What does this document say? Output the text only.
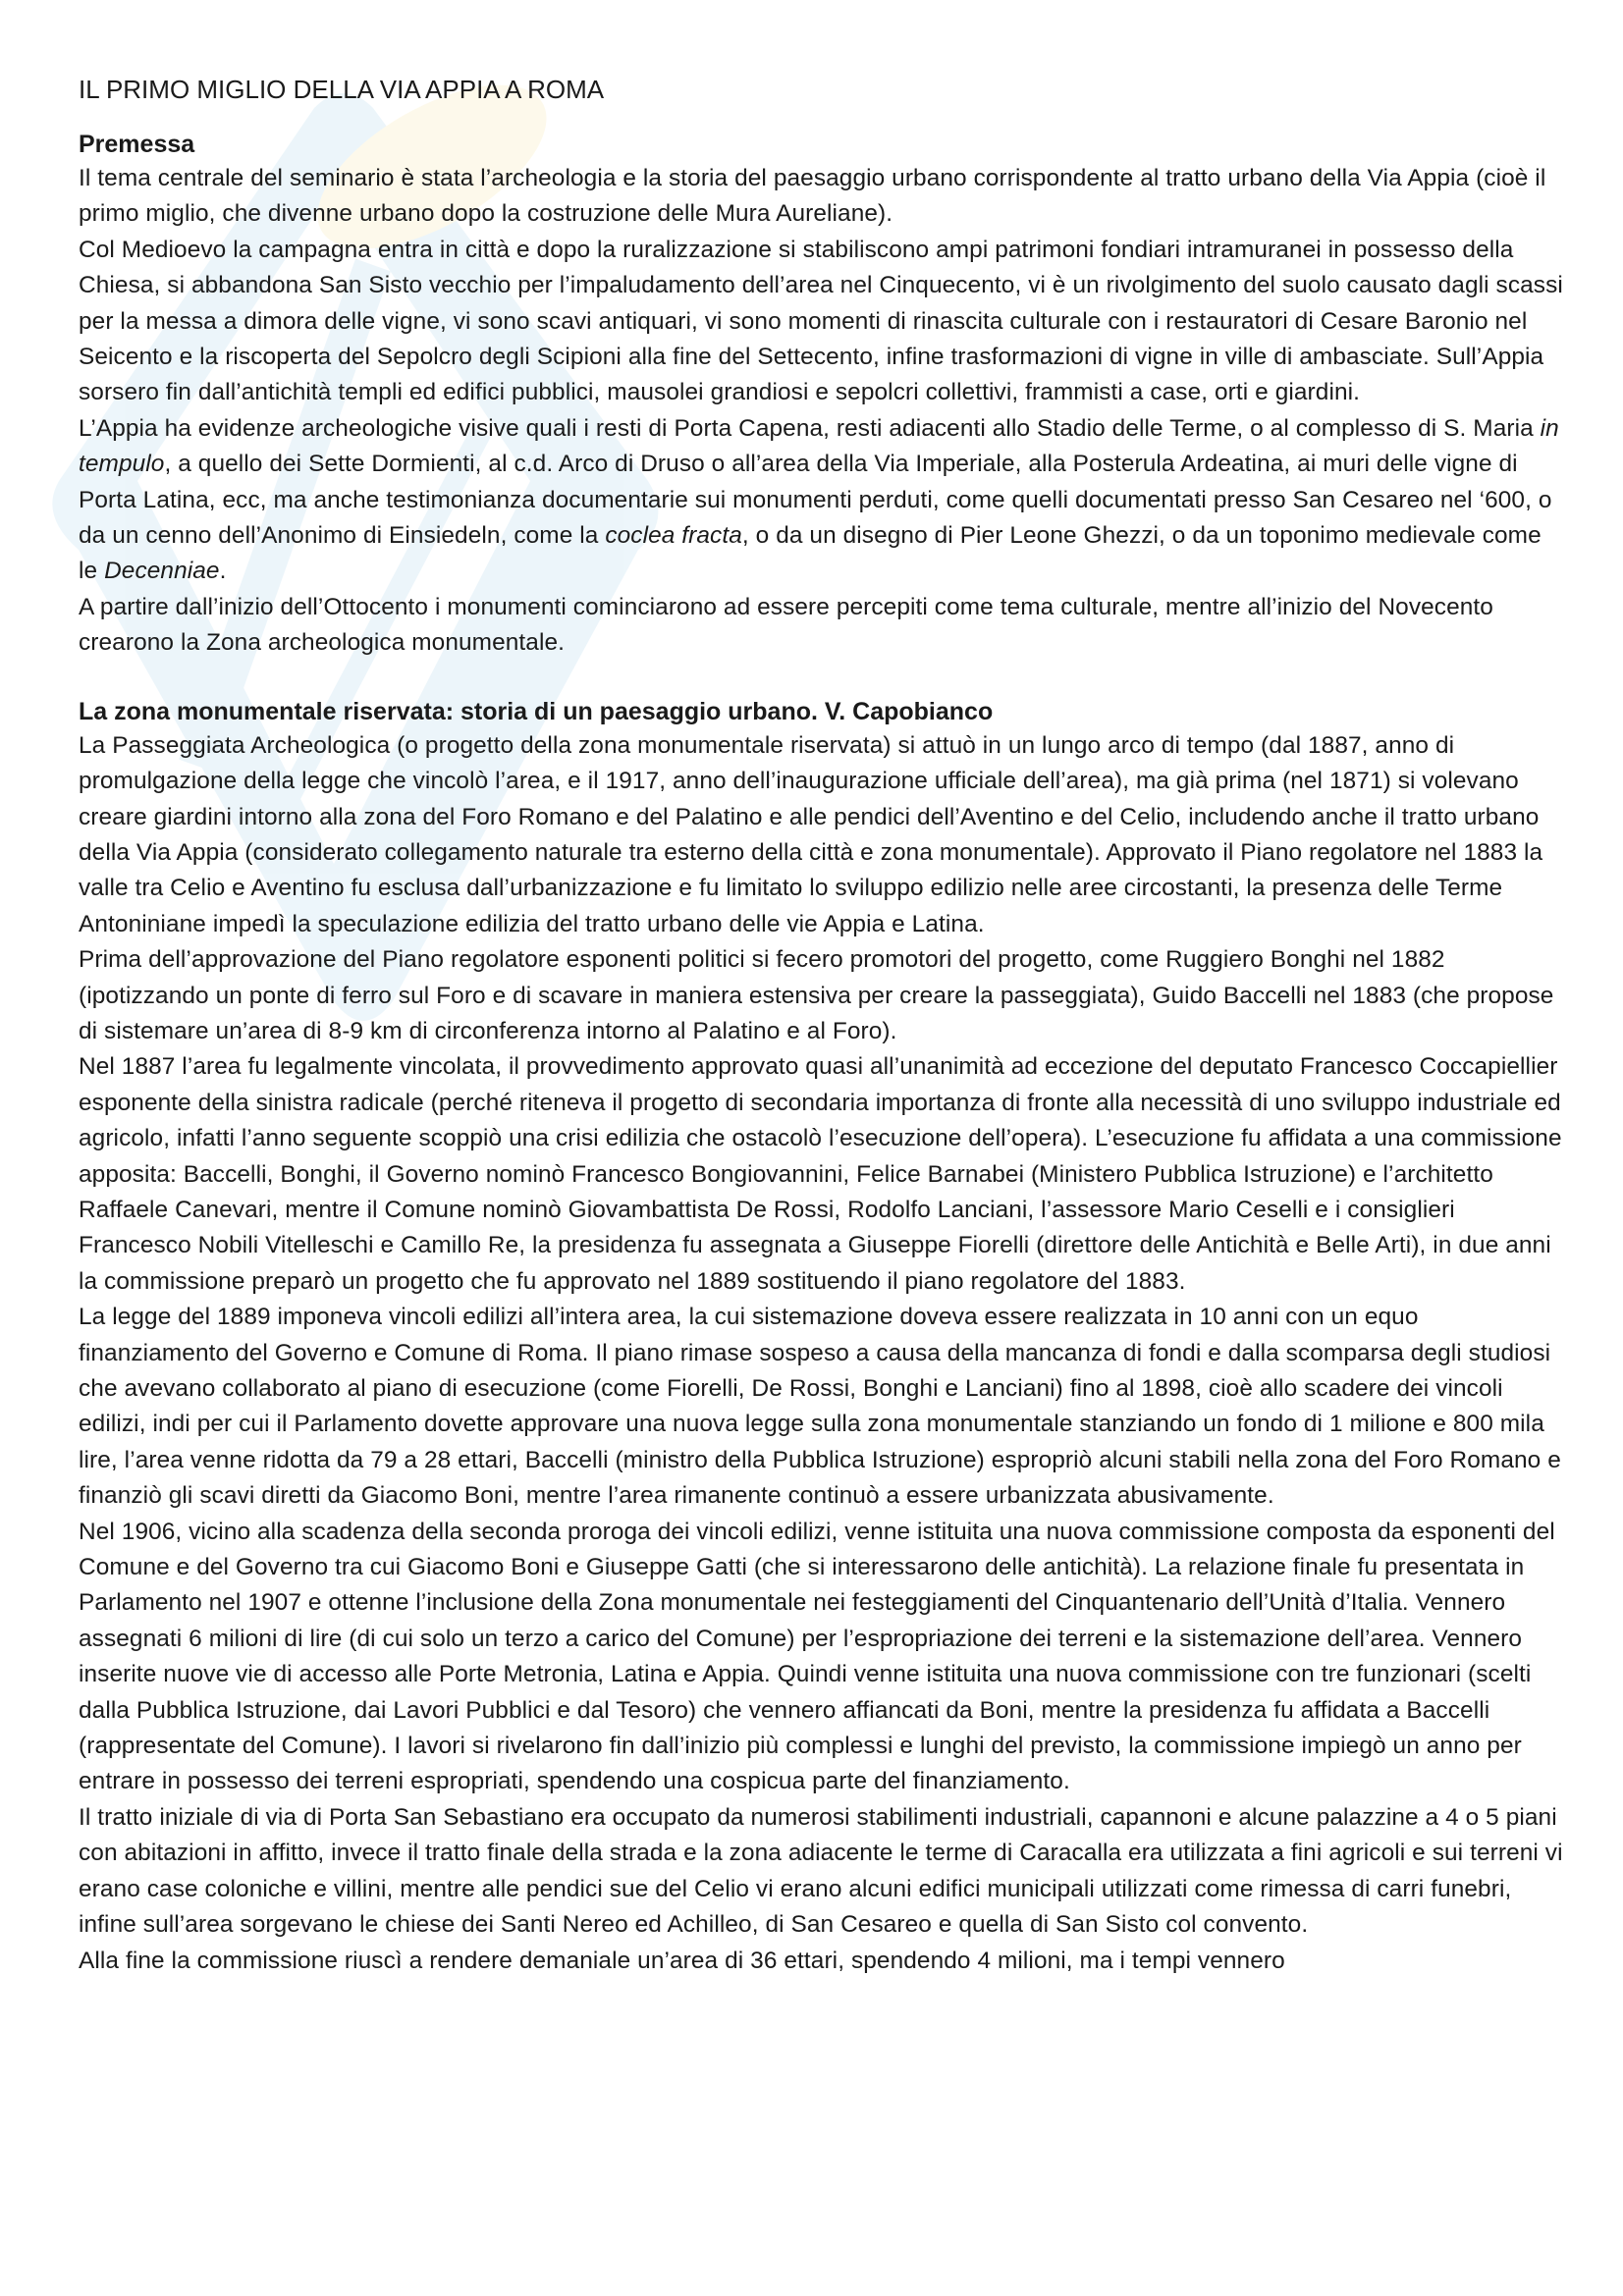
IL PRIMO MIGLIO DELLA VIA APPIA A ROMA
Premessa

Il tema centrale del seminario è stata l’archeologia e la storia del paesaggio urbano corrispondente al tratto urbano della Via Appia (cioè il primo miglio, che divenne urbano dopo la costruzione delle Mura Aureliane).

Col Medioevo la campagna entra in città e dopo la ruralizzazione si stabiliscono ampi patrimoni fondiari intramuranei in possesso della Chiesa, si abbandona San Sisto vecchio per l’impaludamento dell’area nel Cinquecento, vi è un rivolgimento del suolo causato dagli scassi per la messa a dimora delle vigne, vi sono scavi antiquari, vi sono momenti di rinascita culturale con i restauratori di Cesare Baronio nel Seicento e la riscoperta del Sepolcro degli Scipioni alla fine del Settecento, infine trasformazioni di vigne in ville di ambasciate. Sull’Appia sorsero fin dall’antichità templi ed edifici pubblici, mausolei grandiosi e sepolcri collettivi, frammisti a case, orti e giardini.

L’Appia ha evidenze archeologiche visive quali i resti di Porta Capena, resti adiacenti allo Stadio delle Terme, o al complesso di S. Maria in tempulo, a quello dei Sette Dormienti, al c.d. Arco di Druso o all’area della Via Imperiale, alla Posterula Ardeatina, ai muri delle vigne di Porta Latina, ecc, ma anche testimonianza documentarie sui monumenti perduti, come quelli documentati presso San Cesareo nel ‘600, o da un cenno dell’Anonimo di Einsiedeln, come la coclea fracta, o da un disegno di Pier Leone Ghezzi, o da un toponimo medievale come le Decenniae.

A partire dall’inizio dell’Ottocento i monumenti cominciarono ad essere percepiti come tema culturale, mentre all’inizio del Novecento crearono la Zona archeologica monumentale.

La zona monumentale riservata: storia di un paesaggio urbano. V. Capobianco

La Passeggiata Archeologica (o progetto della zona monumentale riservata) si attuò in un lungo arco di tempo (dal 1887, anno di promulgazione della legge che vincolò l’area, e il 1917, anno dell’inaugurazione ufficiale dell’area), ma già prima (nel 1871) si volevano creare giardini intorno alla zona del Foro Romano e del Palatino e alle pendici dell’Aventino e del Celio, includendo anche il tratto urbano della Via Appia (considerato collegamento naturale tra esterno della città e zona monumentale). Approvato il Piano regolatore nel 1883 la valle tra Celio e Aventino fu esclusa dall’urbanizzazione e fu limitato lo sviluppo edilizio nelle aree circostanti, la presenza delle Terme Antoniniane impedì la speculazione edilizia del tratto urbano delle vie Appia e Latina.

Prima dell’approvazione del Piano regolatore esponenti politici si fecero promotori del progetto, come Ruggiero Bonghi nel 1882 (ipotizzando un ponte di ferro sul Foro e di scavare in maniera estensiva per creare la passeggiata), Guido Baccelli nel 1883 (che propose di sistemare un’area di 8-9 km di circonferenza intorno al Palatino e al Foro).

Nel 1887 l’area fu legalmente vincolata, il provvedimento approvato quasi all’unanimità ad eccezione del deputato Francesco Coccapiellier esponente della sinistra radicale (perché riteneva il progetto di secondaria importanza di fronte alla necessità di uno sviluppo industriale ed agricolo, infatti l’anno seguente scoppiò una crisi edilizia che ostacolò l’esecuzione dell’opera). L’esecuzione fu affidata a una commissione apposita: Baccelli, Bonghi, il Governo nominò Francesco Bongiovannini, Felice Barnabei (Ministero Pubblica Istruzione) e l’architetto Raffaele Canevari, mentre il Comune nominò Giovambattista De Rossi, Rodolfo Lanciani, l’assessore Mario Ceselli e i consiglieri Francesco Nobili Vitelleschi e Camillo Re, la presidenza fu assegnata a Giuseppe Fiorelli (direttore delle Antichità e Belle Arti), in due anni la commissione preparò un progetto che fu approvato nel 1889 sostituendo il piano regolatore del 1883.

La legge del 1889 imponeva vincoli edilizi all’intera area, la cui sistemazione doveva essere realizzata in 10 anni con un equo finanziamento del Governo e Comune di Roma. Il piano rimase sospeso a causa della mancanza di fondi e dalla scomparsa degli studiosi che avevano collaborato al piano di esecuzione (come Fiorelli, De Rossi, Bonghi e Lanciani) fino al 1898, cioè allo scadere dei vincoli edilizi, indi per cui il Parlamento dovette approvare una nuova legge sulla zona monumentale stanziando un fondo di 1 milione e 800 mila lire, l’area venne ridotta da 79 a 28 ettari, Baccelli (ministro della Pubblica Istruzione) espropriò alcuni stabili nella zona del Foro Romano e finanziò gli scavi diretti da Giacomo Boni, mentre l’area rimanente continuò a essere urbanizzata abusivamente.

Nel 1906, vicino alla scadenza della seconda proroga dei vincoli edilizi, venne istituita una nuova commissione composta da esponenti del Comune e del Governo tra cui Giacomo Boni e Giuseppe Gatti (che si interessarono delle antichità). La relazione finale fu presentata in Parlamento nel 1907 e ottenne l’inclusione della Zona monumentale nei festeggiamenti del Cinquantenario dell’Unità d’Italia. Vennero assegnati 6 milioni di lire (di cui solo un terzo a carico del Comune) per l’espropriazione dei terreni e la sistemazione dell’area. Vennero inserite nuove vie di accesso alle Porte Metronia, Latina e Appia. Quindi venne istituita una nuova commissione con tre funzionari (scelti dalla Pubblica Istruzione, dai Lavori Pubblici e dal Tesoro) che vennero affiancati da Boni, mentre la presidenza fu affidata a Baccelli (rappresentate del Comune). I lavori si rivelarono fin dall’inizio più complessi e lunghi del previsto, la commissione impiegò un anno per entrare in possesso dei terreni espropriati, spendendo una cospicua parte del finanziamento.

Il tratto iniziale di via di Porta San Sebastiano era occupato da numerosi stabilimenti industriali, capannoni e alcune palazzine a 4 o 5 piani con abitazioni in affitto, invece il tratto finale della strada e la zona adiacente le terme di Caracalla era utilizzata a fini agricoli e sui terreni vi erano case coloniche e villini, mentre alle pendici sue del Celio vi erano alcuni edifici municipali utilizzati come rimessa di carri funebri, infine sull’area sorgevano le chiese dei Santi Nereo ed Achilleo, di San Cesareo e quella di San Sisto col convento.

Alla fine la commissione riuscì a rendere demaniale un’area di 36 ettari, spendendo 4 milioni, ma i tempi vennero
